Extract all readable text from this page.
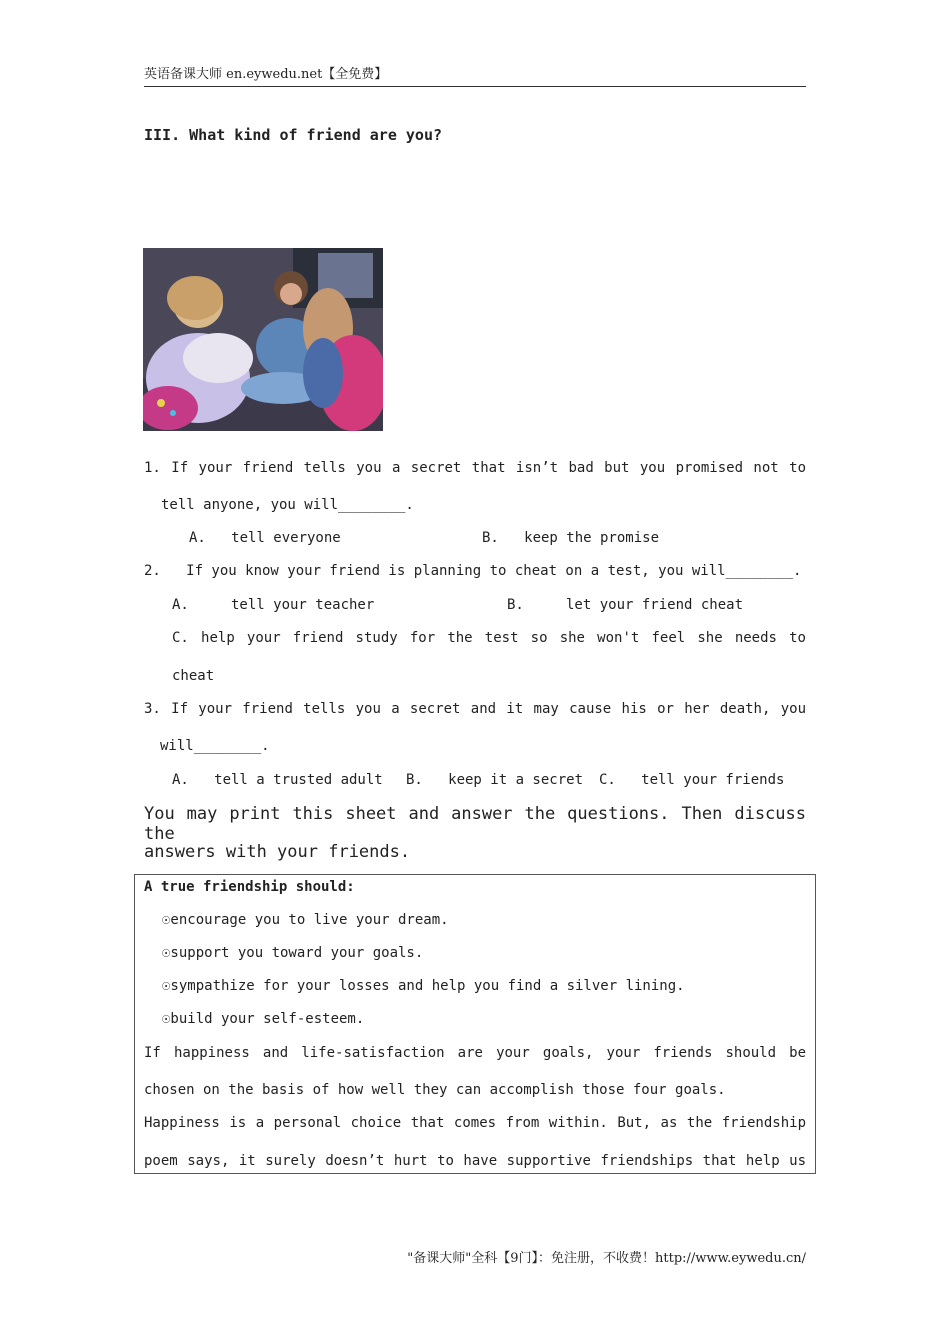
英语备课大师 en.eywedu.net【全免费】
III. What kind of friend are you?
1. If your friend tells you a secret that isn’t bad but you promised not to
tell anyone, you will________.
A.   tell everyone	B.   keep the promise
2.   If you know your friend is planning to cheat on a test, you will________.
A.     tell your teacher	B.     let your friend cheat
C. help your friend study for the test so she won't feel she needs to
cheat
3. If your friend tells you a secret and it may cause his or her death, you
will________.
A.   tell a trusted adult B.   keep it a secret C.   tell your friends
You may print this sheet and answer the questions. Then discuss the
answers with your friends.
A true friendship should:
☉encourage you to live your dream.
☉support you toward your goals.
☉sympathize for your losses and help you find a silver lining.
☉build your self-esteem.
If happiness and life-satisfaction are your goals, your friends should be
chosen on the basis of how well they can accomplish those four goals.
Happiness is a personal choice that comes from within. But, as the friendship
poem says, it surely doesn’t hurt to have supportive friendships that help us
"备课大师"全科【9门】：免注册，不收费！http://www.eywedu.cn/
